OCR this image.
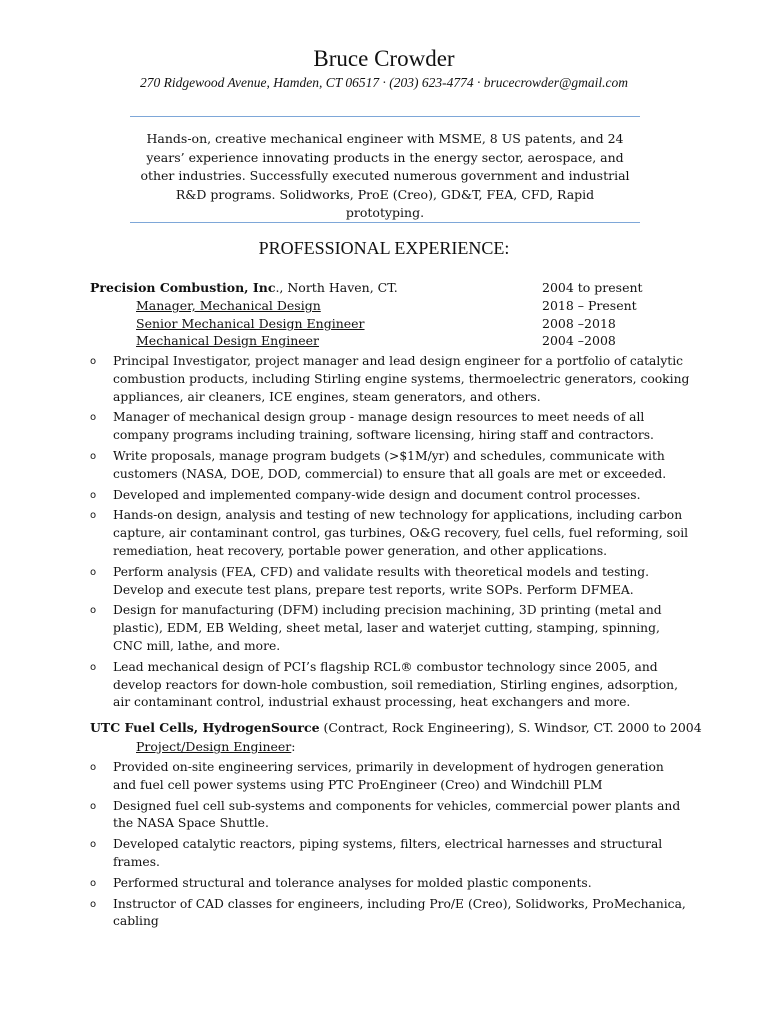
Bruce Crowder
270 Ridgewood Avenue, Hamden, CT 06517 · (203) 623-4774 · brucecrowder@gmail.com
Hands-on, creative mechanical engineer with MSME, 8 US patents, and 24 years’ experience innovating products in the energy sector, aerospace, and other industries. Successfully executed numerous government and industrial R&D programs. Solidworks, ProE (Creo), GD&T, FEA, CFD, Rapid prototyping.
PROFESSIONAL EXPERIENCE:
Precision Combustion, Inc., North Haven, CT.	2004 to present
Manager, Mechanical Design	2018 – Present
Senior Mechanical Design Engineer	2008 –2018
Mechanical Design Engineer	2004 –2008
o Principal Investigator, project manager and lead design engineer for a portfolio of catalytic combustion products, including Stirling engine systems, thermoelectric generators, cooking appliances, air cleaners, ICE engines, steam generators, and others.
o Manager of mechanical design group - manage design resources to meet needs of all company programs including training, software licensing, hiring staff and contractors.
o Write proposals, manage program budgets (>$1M/yr) and schedules, communicate with customers (NASA, DOE, DOD, commercial) to ensure that all goals are met or exceeded.
o Developed and implemented company-wide design and document control processes.
o Hands-on design, analysis and testing of new technology for applications, including carbon capture, air contaminant control, gas turbines, O&G recovery, fuel cells, fuel reforming, soil remediation, heat recovery, portable power generation, and other applications.
o Perform analysis (FEA, CFD) and validate results with theoretical models and testing. Develop and execute test plans, prepare test reports, write SOPs. Perform DFMEA.
o Design for manufacturing (DFM) including precision machining, 3D printing (metal and plastic), EDM, EB Welding, sheet metal, laser and waterjet cutting, stamping, spinning, CNC mill, lathe, and more.
o Lead mechanical design of PCI’s flagship RCL® combustor technology since 2005, and develop reactors for down-hole combustion, soil remediation, Stirling engines, adsorption, air contaminant control, industrial exhaust processing, heat exchangers and more.
UTC Fuel Cells, HydrogenSource (Contract, Rock Engineering), S. Windsor, CT. 2000 to 2004
Project/Design Engineer:
o Provided on-site engineering services, primarily in development of hydrogen generation and fuel cell power systems using PTC ProEngineer (Creo) and Windchill PLM
o Designed fuel cell sub-systems and components for vehicles, commercial power plants and the NASA Space Shuttle.
o Developed catalytic reactors, piping systems, filters, electrical harnesses and structural frames.
o Performed structural and tolerance analyses for molded plastic components.
o Instructor of CAD classes for engineers, including Pro/E (Creo), Solidworks, ProMechanica, cabling
